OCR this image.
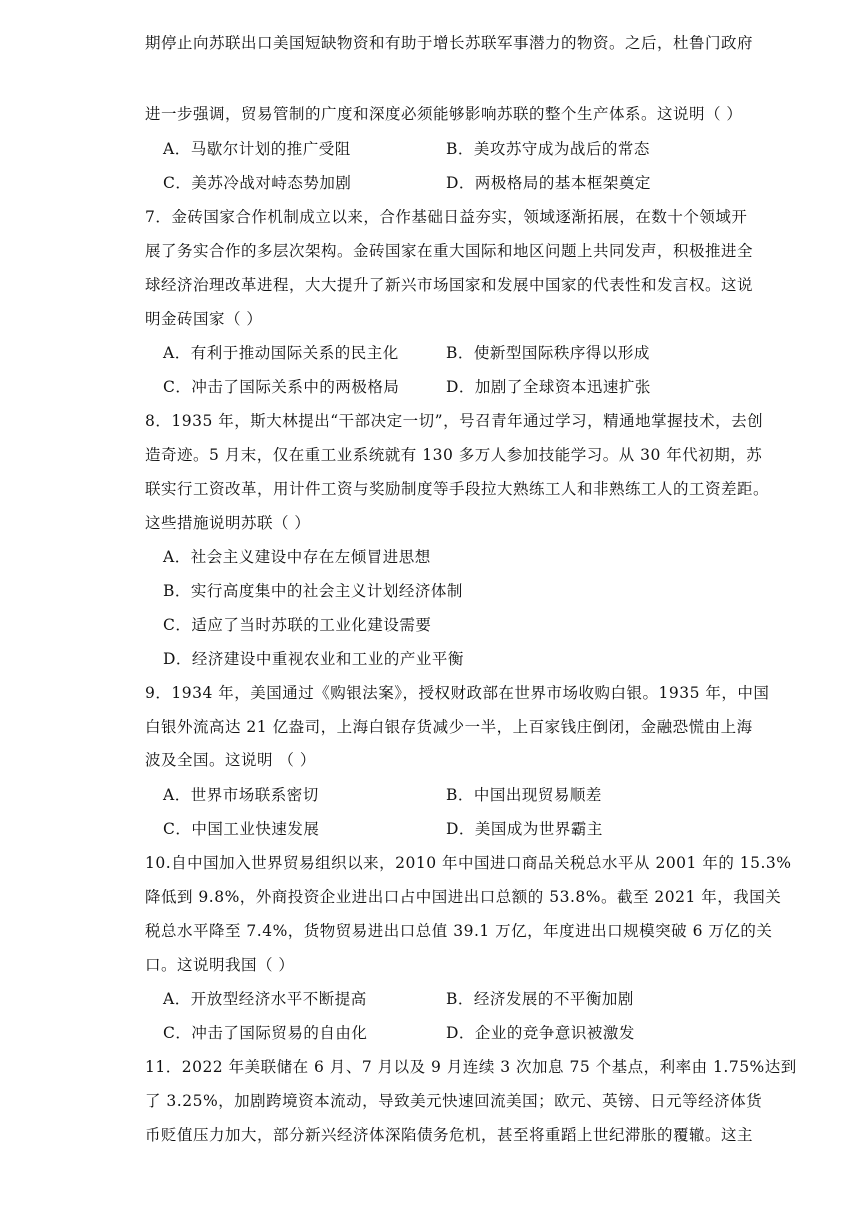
期停止向苏联出口美国短缺物资和有助于增长苏联军事潜力的物资。之后，杜鲁门政府
进一步强调，贸易管制的广度和深度必须能够影响苏联的整个生产体系。这说明（ ）
A．马歇尔计划的推广受阻	B．美攻苏守成为战后的常态
C．美苏冷战对峙态势加剧	D．两极格局的基本框架奠定
7．金砖国家合作机制成立以来，合作基础日益夯实，领域逐渐拓展，在数十个领域开
展了务实合作的多层次架构。金砖国家在重大国际和地区问题上共同发声，积极推进全
球经济治理改革进程，大大提升了新兴市场国家和发展中国家的代表性和发言权。这说
明金砖国家（ ）
A．有利于推动国际关系的民主化	B．使新型国际秩序得以形成
C．冲击了国际关系中的两极格局	D．加剧了全球资本迅速扩张
8．1935 年，斯大林提出“干部决定一切”，号召青年通过学习，精通地掌握技术，去创
造奇迹。5 月末，仅在重工业系统就有 130 多万人参加技能学习。从 30 年代初期，苏
联实行工资改革，用计件工资与奖励制度等手段拉大熟练工人和非熟练工人的工资差距。
这些措施说明苏联（ ）
A．社会主义建设中存在左倾冒进思想
B．实行高度集中的社会主义计划经济体制
C．适应了当时苏联的工业化建设需要
D．经济建设中重视农业和工业的产业平衡
9．1934 年，美国通过《购银法案》，授权财政部在世界市场收购白银。1935 年，中国
白银外流高达 21 亿盎司，上海白银存货减少一半，上百家钱庄倒闭，金融恐慌由上海
波及全国。这说明 （ ）
A．世界市场联系密切	B．中国出现贸易顺差
C．中国工业快速发展	D．美国成为世界霸主
10.自中国加入世界贸易组织以来，2010 年中国进口商品关税总水平从 2001 年的 15.3%
降低到 9.8%，外商投资企业进出口占中国进出口总额的 53.8%。截至 2021 年，我国关
税总水平降至 7.4%，货物贸易进出口总值 39.1 万亿，年度进出口规模突破 6 万亿的关
口。这说明我国（ ）
A．开放型经济水平不断提高	B．经济发展的不平衡加剧
C．冲击了国际贸易的自由化	D．企业的竞争意识被激发
11．2022 年美联储在 6 月、7 月以及 9 月连续 3 次加息 75 个基点，利率由 1.75%达到
了 3.25%，加剧跨境资本流动，导致美元快速回流美国；欧元、英镑、日元等经济体货
币贬值压力加大，部分新兴经济体深陷债务危机，甚至将重蹈上世纪滞胀的覆辙。这主
